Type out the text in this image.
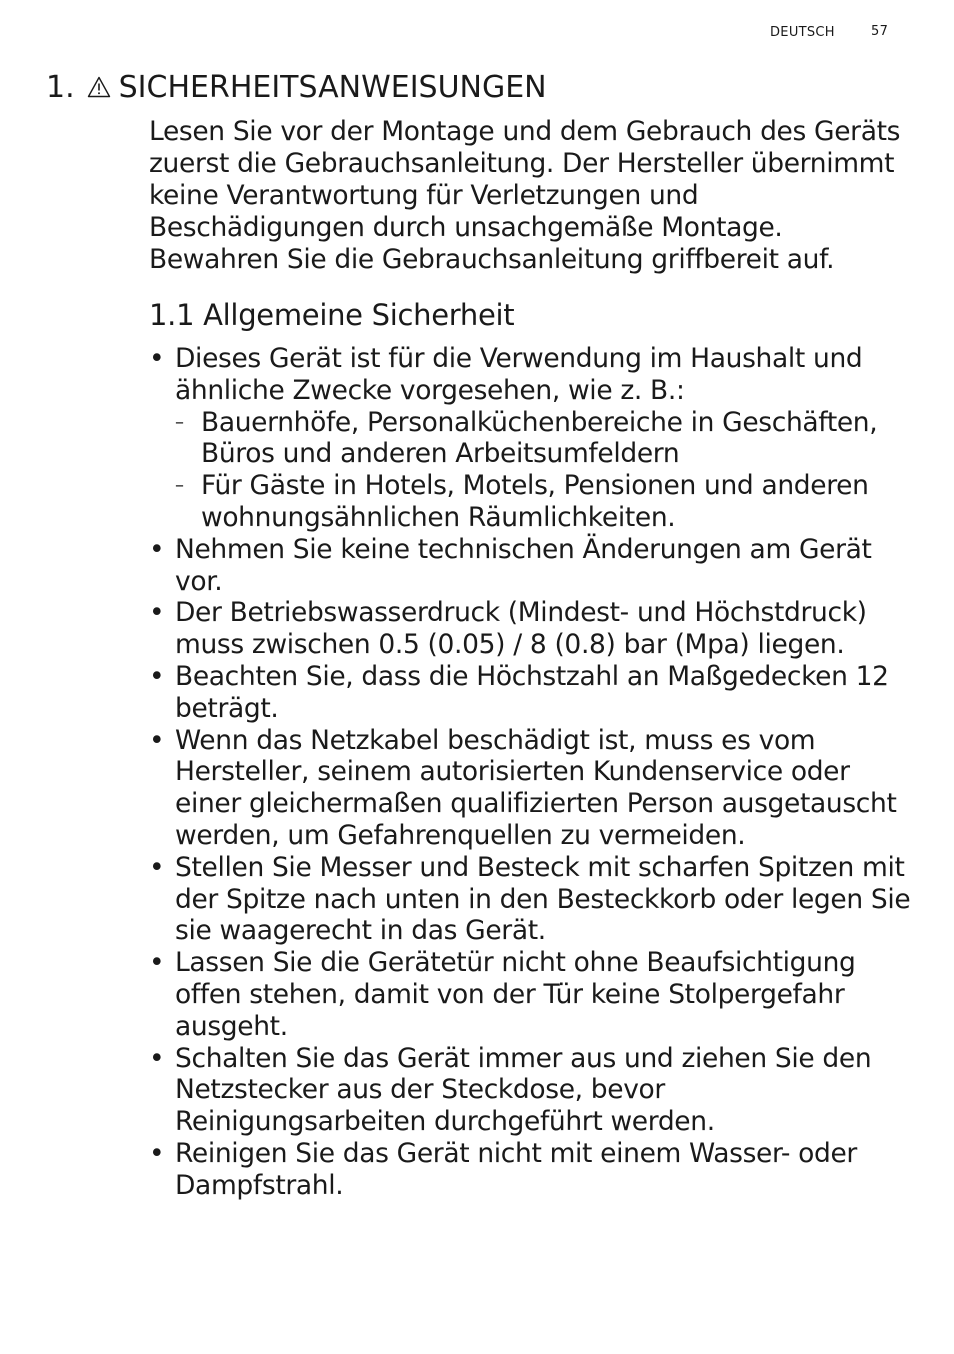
DEUTSCH	57
1. SICHERHEITSANWEISUNGEN

Lesen Sie vor der Montage und dem Gebrauch des Geräts zuerst die Gebrauchsanleitung. Der Hersteller übernimmt keine Verantwortung für Verletzungen und Beschädigungen durch unsachgemäße Montage. Bewahren Sie die Gebrauchsanleitung griffbereit auf.

1.1 Allgemeine Sicherheit
• Dieses Gerät ist für die Verwendung im Haushalt und ähnliche Zwecke vorgesehen, wie z. B.:
– Bauernhöfe, Personalküchenbereiche in Geschäften, Büros und anderen Arbeitsumfeldern
– Für Gäste in Hotels, Motels, Pensionen und anderen wohnungsähnlichen Räumlichkeiten.
• Nehmen Sie keine technischen Änderungen am Gerät vor.
• Der Betriebswasserdruck (Mindest- und Höchstdruck) muss zwischen 0.5 (0.05) / 8 (0.8) bar (Mpa) liegen.
• Beachten Sie, dass die Höchstzahl an Maßgedecken 12 beträgt.
• Wenn das Netzkabel beschädigt ist, muss es vom Hersteller, seinem autorisierten Kundenservice oder einer gleichermaßen qualifizierten Person ausgetauscht werden, um Gefahrenquellen zu vermeiden.
• Stellen Sie Messer und Besteck mit scharfen Spitzen mit der Spitze nach unten in den Besteckkorb oder legen Sie sie waagerecht in das Gerät.
• Lassen Sie die Gerätetür nicht ohne Beaufsichtigung offen stehen, damit von der Tür keine Stolpergefahr ausgeht.
• Schalten Sie das Gerät immer aus und ziehen Sie den Netzstecker aus der Steckdose, bevor Reinigungsarbeiten durchgeführt werden.
• Reinigen Sie das Gerät nicht mit einem Wasser- oder Dampfstrahl.
